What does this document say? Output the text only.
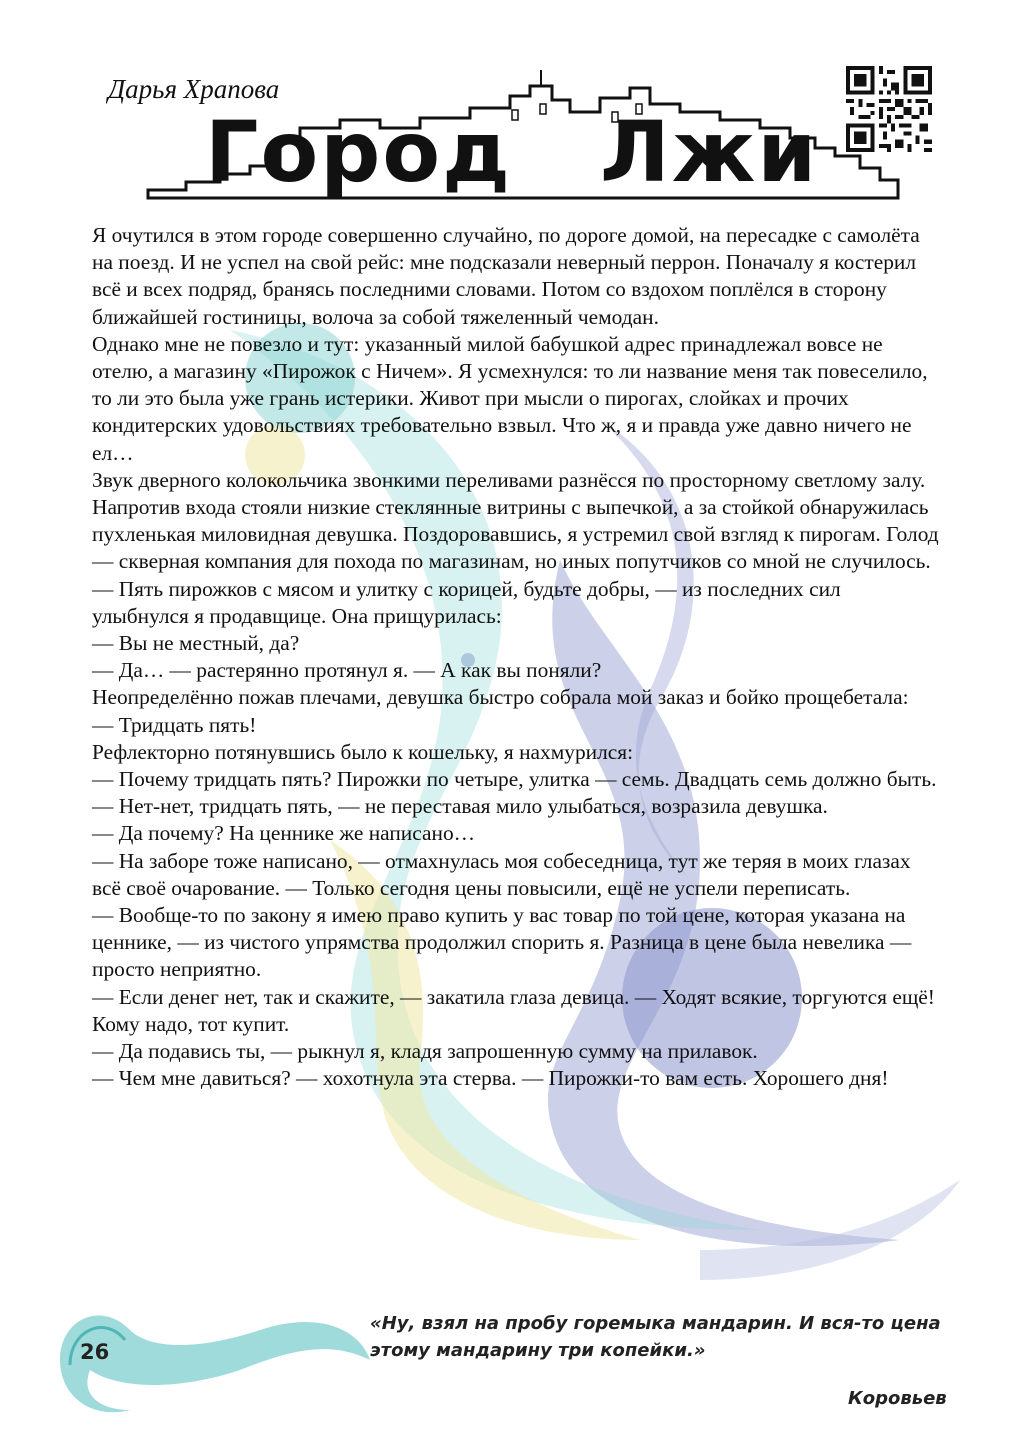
Дарья Храпова
Город Лжи

Я очутился в этом городе совершенно случайно, по дороге домой, на пересадке с самолёта на поезд. И не успел на свой рейс: мне подсказали неверный перрон. Поначалу я костерил всё и всех подряд, бранясь последними словами. Потом со вздохом поплёлся в сторону ближайшей гостиницы, волоча за собой тяжеленный чемодан.

Однако мне не повезло и тут: указанный милой бабушкой адрес принадлежал вовсе не отелю, а магазину «Пирожок с Ничем». Я усмехнулся: то ли название меня так повеселило, то ли это была уже грань истерики. Живот при мысли о пирогах, слойках и прочих кондитерских удовольствиях требовательно взвыл. Что ж, я и правда уже давно ничего не ел…

Звук дверного колокольчика звонкими переливами разнёсся по просторному светлому залу. Напротив входа стояли низкие стеклянные витрины с выпечкой, а за стойкой обнаружилась пухленькая миловидная девушка. Поздоровавшись, я устремил свой взгляд к пирогам. Голод — скверная компания для похода по магазинам, но иных попутчиков со мной не случилось.

— Пять пирожков с мясом и улитку с корицей, будьте добры, — из последних сил улыбнулся я продавщице. Она прищурилась:

— Вы не местный, да?

— Да… — растерянно протянул я. — А как вы поняли?

Неопределённо пожав плечами, девушка быстро собрала мой заказ и бойко прощебетала:

— Тридцать пять!

Рефлекторно потянувшись было к кошельку, я нахмурился:

— Почему тридцать пять? Пирожки по четыре, улитка — семь. Двадцать семь должно быть.

— Нет-нет, тридцать пять, — не переставая мило улыбаться, возразила девушка.

— Да почему? На ценнике же написано…

— На заборе тоже написано, — отмахнулась моя собеседница, тут же теряя в моих глазах всё своё очарование. — Только сегодня цены повысили, ещё не успели переписать.

— Вообще-то по закону я имею право купить у вас товар по той цене, которая указана на ценнике, — из чистого упрямства продолжил спорить я. Разница в цене была невелика — просто неприятно.

— Если денег нет, так и скажите, — закатила глаза девица. — Ходят всякие, торгуются ещё! Кому надо, тот купит.

— Да подавись ты, — рыкнул я, кладя запрошенную сумму на прилавок.

— Чем мне давиться? — хохотнула эта стерва. — Пирожки-то вам есть. Хорошего дня!

26
«Ну, взял на пробу горемыка мандарин. И вся-то цена этому мандарину три копейки.»
Коровьев
